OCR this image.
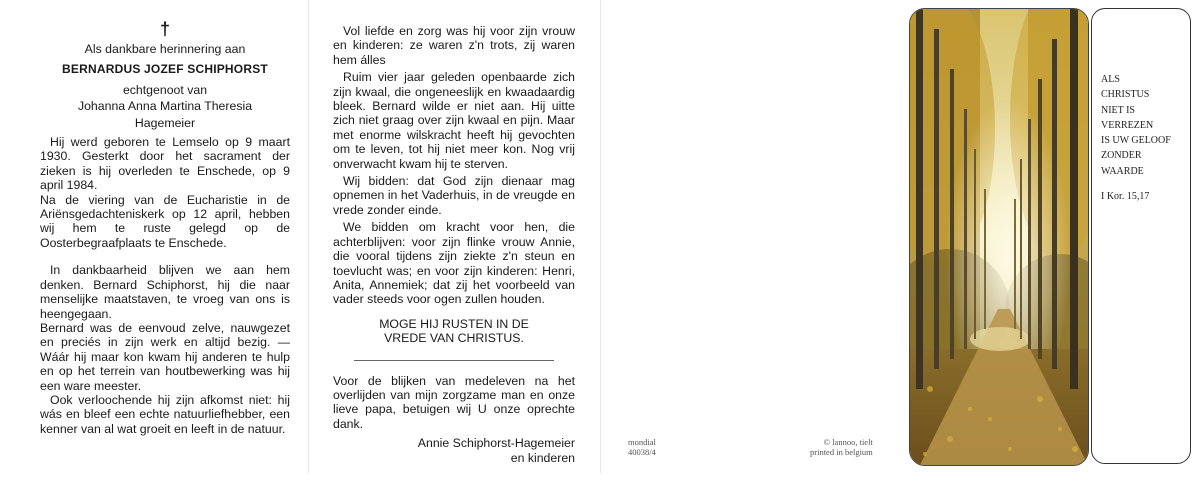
†
Als dankbare herinnering aan
BERNARDUS JOZEF SCHIPHORST
echtgenoot van
Johanna Anna Martina Theresia
Hagemeier
Hij werd geboren te Lemselo op 9 maart 1930. Gesterkt door het sacrament der zieken is hij overleden te Enschede, op 9 april 1984.
Na de viering van de Eucharistie in de Ariënsgedachteniskerk op 12 april, hebben wij hem te ruste gelegd op de Oosterbegraafplaats te Enschede.
In dankbaarheid blijven we aan hem denken. Bernard Schiphorst, hij die naar menselijke maatstaven, te vroeg van ons is heengegaan.
Bernard was de eenvoud zelve, nauwgezet en preciés in zijn werk en altijd bezig. — Wáár hij maar kon kwam hij anderen te hulp en op het terrein van houtbewerking was hij een ware meester.
Ook verloochende hij zijn afkomst niet: hij wás en bleef een echte natuurliefhebber, een kenner van al wat groeit en leeft in de natuur.
Vol liefde en zorg was hij voor zijn vrouw en kinderen: ze waren z'n trots, zij waren hem álles
Ruim vier jaar geleden openbaarde zich zijn kwaal, die ongeneeslijk en kwaadaardig bleek. Bernard wilde er niet aan. Hij uitte zich niet graag over zijn kwaal en pijn. Maar met enorme wilskracht heeft hij gevochten om te leven, tot hij niet meer kon. Nog vrij onverwacht kwam hij te sterven.
Wij bidden: dat God zijn dienaar mag opnemen in het Vaderhuis, in de vreugde en vrede zonder einde.
We bidden om kracht voor hen, die achterblijven: voor zijn flinke vrouw Annie, die vooral tijdens zijn ziekte z'n steun en toevlucht was; en voor zijn kinderen: Henri, Anita, Annemiek; dat zij het voorbeeld van vader steeds voor ogen zullen houden.
MOGE HIJ RUSTEN IN DE
VREDE VAN CHRISTUS.
Voor de blijken van medeleven na het overlijden van mijn zorgzame man en onze lieve papa, betuigen wij U onze oprechte dank.
Annie Schiphorst-Hagemeier
en kinderen
mondial
40038/4
© lannoo, tielt
printed in belgium
ALS
CHRISTUS
NIET IS
VERREZEN
IS UW GELOOF
ZONDER
WAARDE
I Kor. 15,17
